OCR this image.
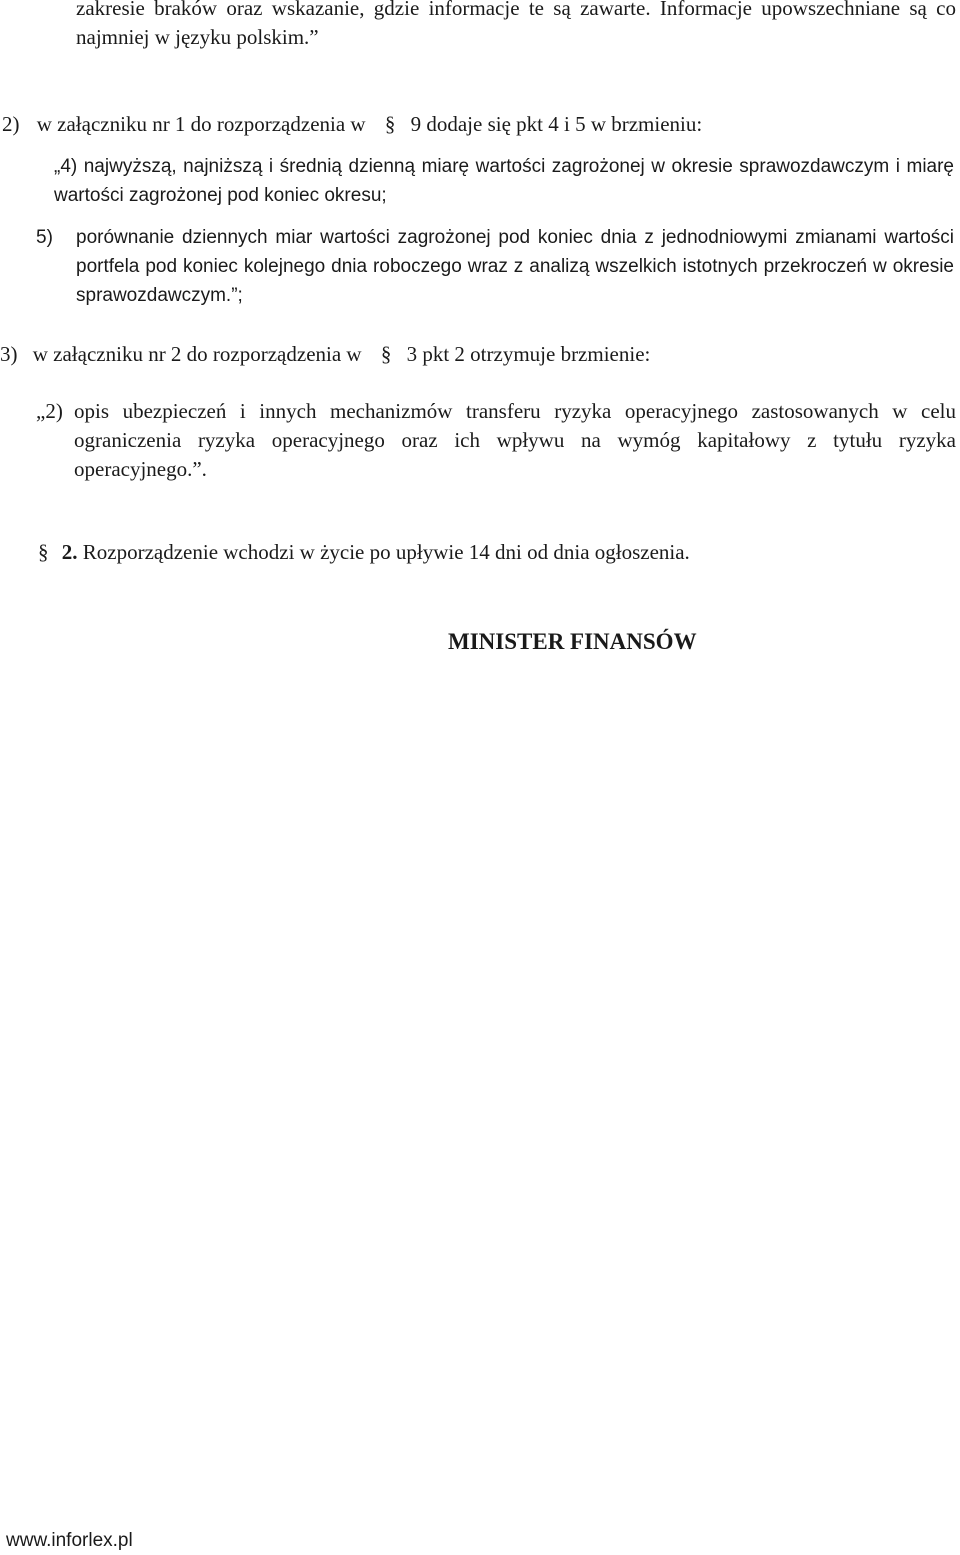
zakresie braków oraz wskazanie, gdzie informacje te są zawarte. Informacje upowszechniane są co najmniej w języku polskim.”
2) w załączniku nr 1 do rozporządzenia w § 9 dodaje się pkt 4 i 5 w brzmieniu:
„4) najwyższą, najniższą i średnią dzienną miarę wartości zagrożonej w okresie sprawozdawczym i miarę wartości zagrożonej pod koniec okresu;
5) porównanie dziennych miar wartości zagrożonej pod koniec dnia z jednodniowymi zmianami wartości portfela pod koniec kolejnego dnia roboczego wraz z analizą wszelkich istotnych przekroczeń w okresie sprawozdawczym.”;
3) w załączniku nr 2 do rozporządzenia w § 3 pkt 2 otrzymuje brzmienie:
„2) opis ubezpieczeń i innych mechanizmów transferu ryzyka operacyjnego zastosowanych w celu ograniczenia ryzyka operacyjnego oraz ich wpływu na wymóg kapitałowy z tytułu ryzyka operacyjnego.”.
§ 2. Rozporządzenie wchodzi w życie po upływie 14 dni od dnia ogłoszenia.
MINISTER FINANSÓW
www.inforlex.pl
